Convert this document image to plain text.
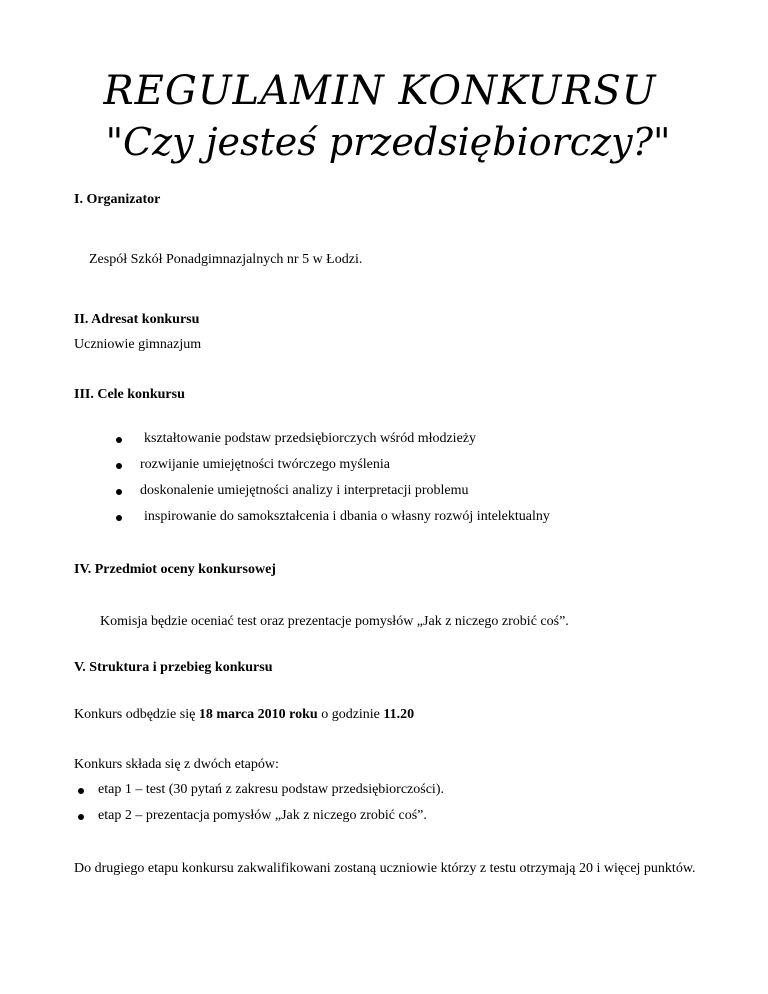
REGULAMIN KONKURSU
"Czy jesteś przedsiębiorczy?"

I. Organizator

Zespół Szkół Ponadgimnazjalnych nr 5 w Łodzi.

II. Adresat konkursu

Uczniowie gimnazjum

III. Cele konkursu

kształtowanie podstaw przedsiębiorczych wśród młodzieży
rozwijanie umiejętności twórczego myślenia
doskonalenie umiejętności analizy i interpretacji problemu
inspirowanie do samokształcenia i dbania o własny rozwój intelektualny

IV. Przedmiot oceny konkursowej

Komisja będzie oceniać test oraz prezentacje pomysłów „Jak z niczego zrobić coś”.

V. Struktura i przebieg konkursu

Konkurs odbędzie się 18 marca 2010 roku o godzinie 11.20

Konkurs składa się z dwóch etapów:

etap 1 – test (30 pytań z zakresu podstaw przedsiębiorczości).
etap 2 – prezentacja pomysłów „Jak z niczego zrobić coś”.

Do drugiego etapu konkursu zakwalifikowani zostaną uczniowie którzy z testu otrzymają 20 i więcej punktów.
